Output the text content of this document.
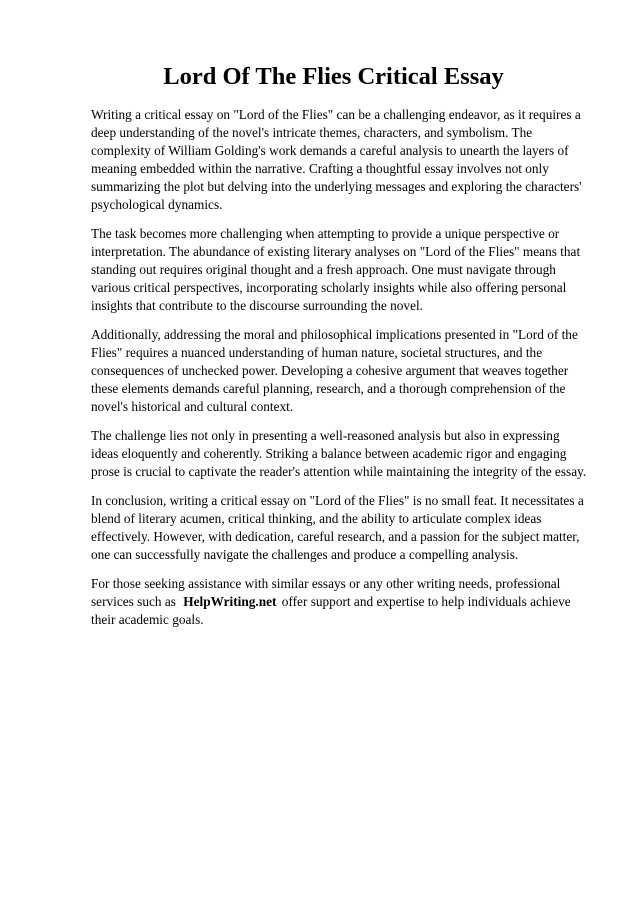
Lord Of The Flies Critical Essay

Writing a critical essay on "Lord of the Flies" can be a challenging endeavor, as it requires a deep understanding of the novel's intricate themes, characters, and symbolism. The complexity of William Golding's work demands a careful analysis to unearth the layers of meaning embedded within the narrative. Crafting a thoughtful essay involves not only summarizing the plot but delving into the underlying messages and exploring the characters' psychological dynamics.

The task becomes more challenging when attempting to provide a unique perspective or interpretation. The abundance of existing literary analyses on "Lord of the Flies" means that standing out requires original thought and a fresh approach. One must navigate through various critical perspectives, incorporating scholarly insights while also offering personal insights that contribute to the discourse surrounding the novel.

Additionally, addressing the moral and philosophical implications presented in "Lord of the Flies" requires a nuanced understanding of human nature, societal structures, and the consequences of unchecked power. Developing a cohesive argument that weaves together these elements demands careful planning, research, and a thorough comprehension of the novel's historical and cultural context.

The challenge lies not only in presenting a well-reasoned analysis but also in expressing ideas eloquently and coherently. Striking a balance between academic rigor and engaging prose is crucial to captivate the reader's attention while maintaining the integrity of the essay.

In conclusion, writing a critical essay on "Lord of the Flies" is no small feat. It necessitates a blend of literary acumen, critical thinking, and the ability to articulate complex ideas effectively. However, with dedication, careful research, and a passion for the subject matter, one can successfully navigate the challenges and produce a compelling analysis.

For those seeking assistance with similar essays or any other writing needs, professional services such as HelpWriting.net offer support and expertise to help individuals achieve their academic goals.
